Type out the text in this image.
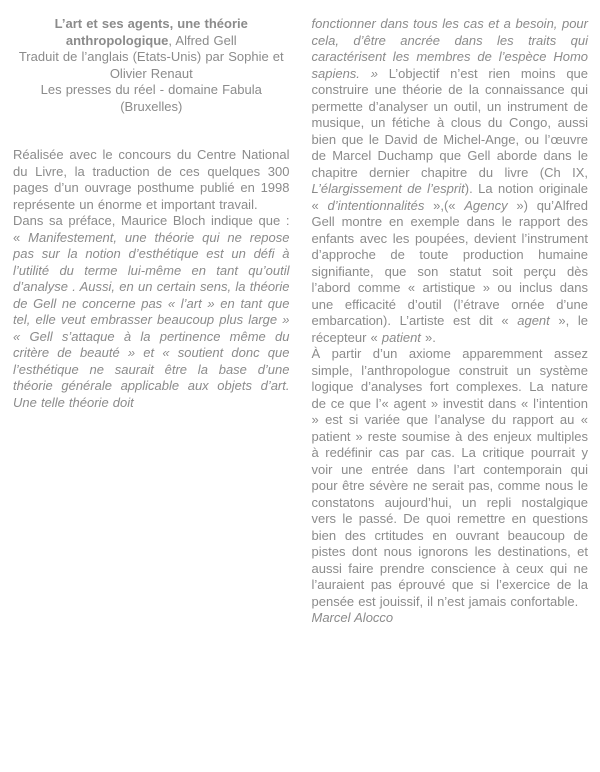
L’art et ses agents, une théorie anthropologique, Alfred Gell

Traduit de l’anglais (Etats-Unis) par Sophie et Olivier Renaut

Les presses du réel - domaine Fabula (Bruxelles)

Réalisée avec le concours du Centre National du Livre, la traduction de ces quelques 300 pages d’un ouvrage posthume publié en 1998 représente un énorme et important travail.

Dans sa préface, Maurice Bloch indique que : « Manifestement, une théorie qui ne repose pas sur la notion d’esthétique est un défi à l’utilité du terme lui-même en tant qu’outil d’analyse . Aussi, en un certain sens, la théorie de Gell ne concerne pas « l’art » en tant que tel, elle veut embrasser beaucoup plus large » « Gell s’attaque à la pertinence même du critère de beauté » et « soutient donc que l’esthétique ne saurait être la base d’une théorie générale applicable aux objets d’art. Une telle théorie doit

fonctionner dans tous les cas et a besoin, pour cela, d’être ancrée dans les traits qui caractérisent les membres de l’espèce Homo sapiens. » L’objectif n’est rien moins que construire une théorie de la connaissance qui permette d’analyser un outil, un instrument de musique, un fétiche à clous du Congo, aussi bien que le David de Michel-Ange, ou l’œuvre de Marcel Duchamp que Gell aborde dans le chapitre dernier chapitre du livre (Ch IX, L’élargissement de l’esprit). La notion originale « d’intentionnalités »,(« Agency ») qu’Alfred Gell montre en exemple dans le rapport des enfants avec les poupées, devient l’instrument d’approche de toute production humaine signifiante, que son statut soit perçu dès l’abord comme « artistique » ou inclus dans une efficacité d’outil (l’étrave ornée d’une embarcation). L’artiste est dit « agent », le récepteur « patient ».

À partir d’un axiome apparemment assez simple, l’anthropologue construit un système logique d’analyses fort complexes. La nature de ce que l’« agent » investit dans « l’intention » est si variée que l’analyse du rapport au « patient » reste soumise à des enjeux multiples à redéfinir cas par cas. La critique pourrait y voir une entrée dans l’art contemporain qui pour être sévère ne serait pas, comme nous le constatons aujourd’hui, un repli nostalgique vers le passé. De quoi remettre en questions bien des crtitudes en ouvrant beaucoup de pistes dont nous ignorons les destinations, et aussi faire prendre conscience à ceux qui ne l’auraient pas éprouvé que si l’exercice de la pensée est jouissif, il n’est jamais confortable.

Marcel Alocco
